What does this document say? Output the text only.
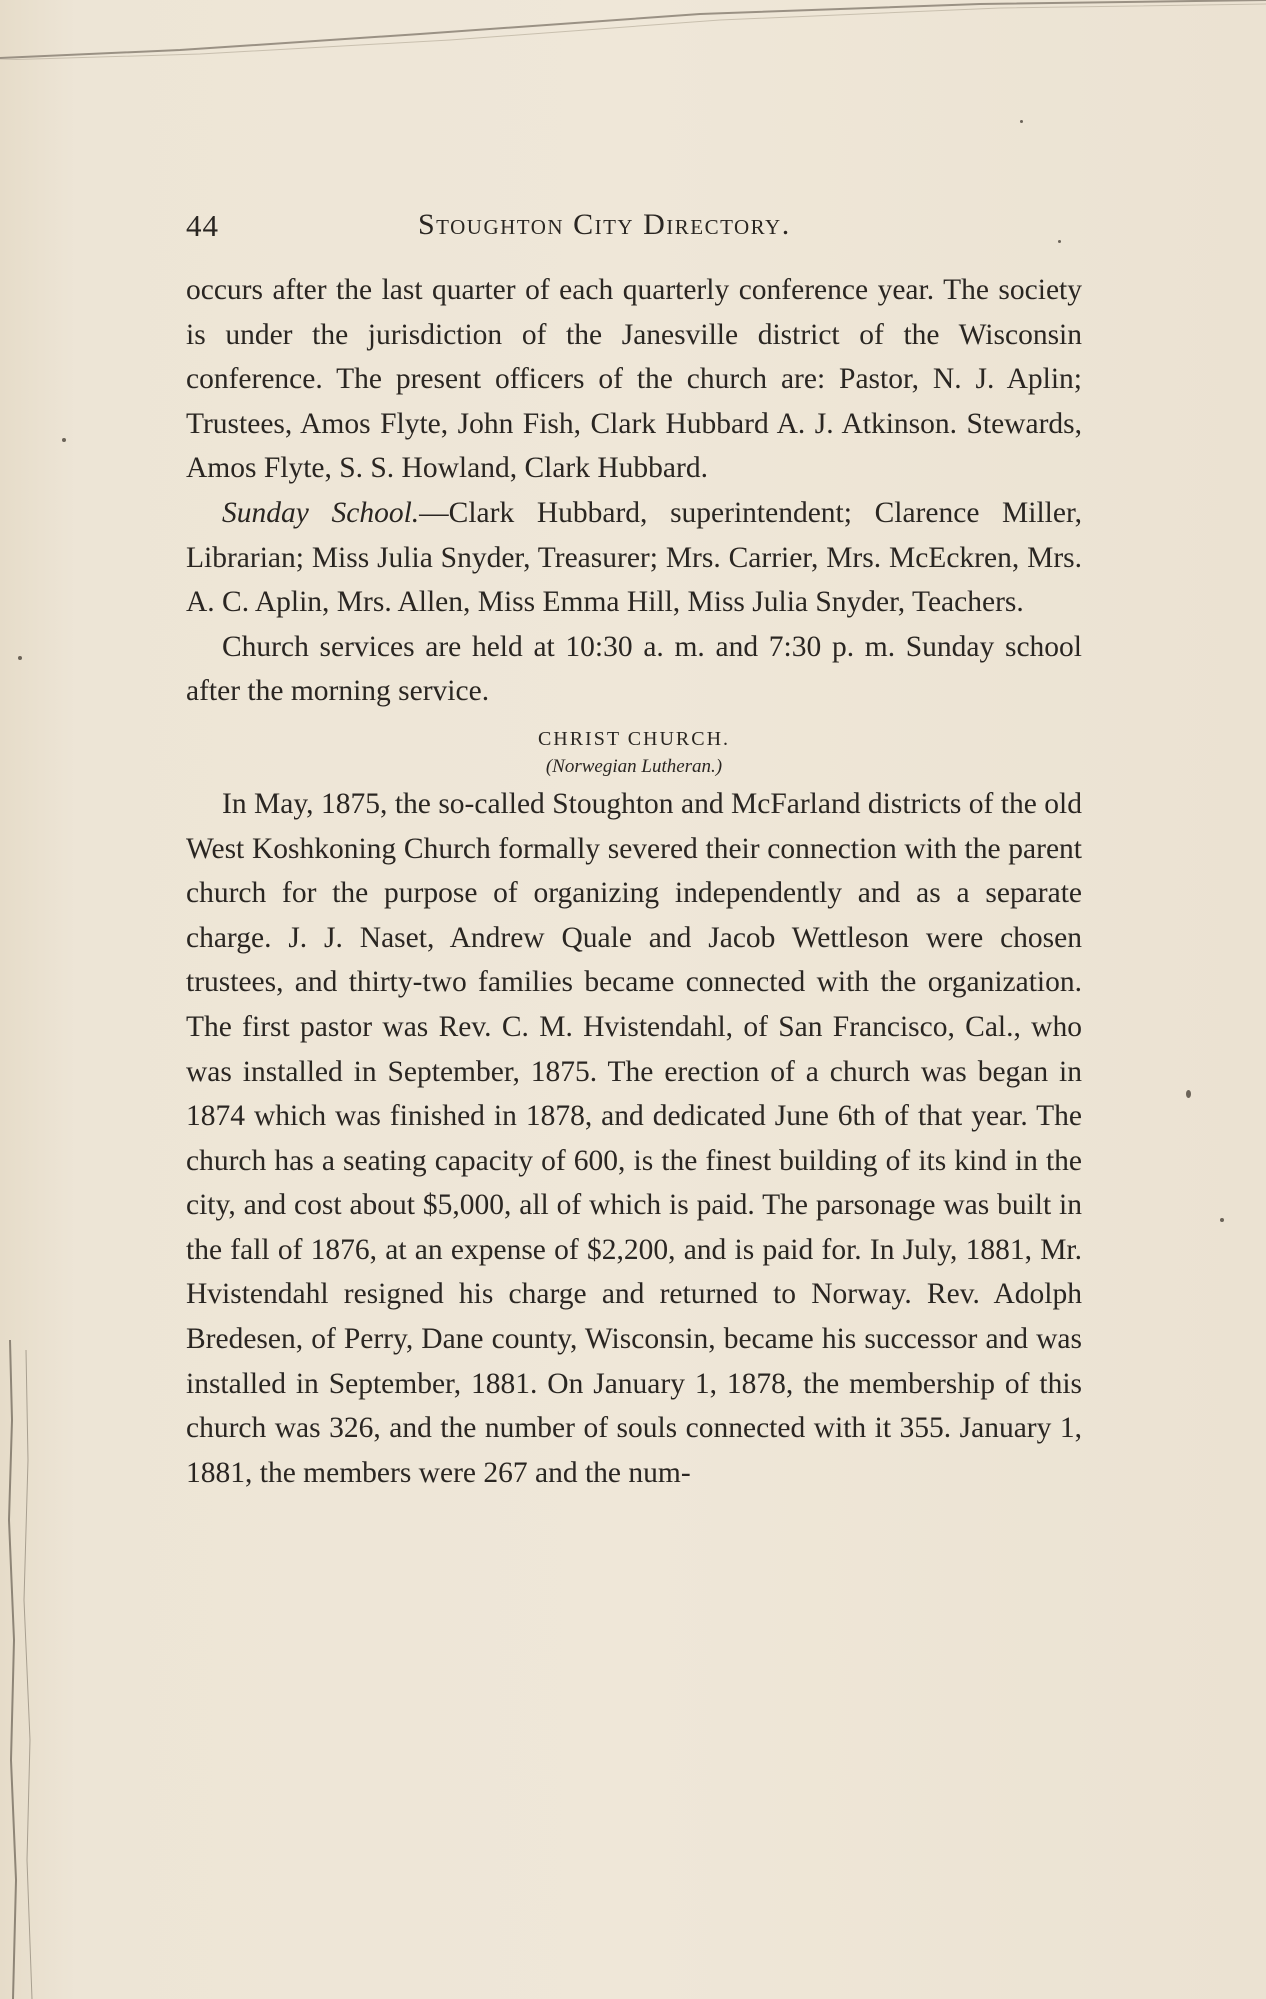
44	Stoughton City Directory.

occurs after the last quarter of each quarterly conference year. The society is under the jurisdiction of the Janesville district of the Wisconsin conference. The present officers of the church are: Pastor, N. J. Aplin; Trustees, Amos Flyte, John Fish, Clark Hubbard A. J. Atkinson. Stewards, Amos Flyte, S. S. Howland, Clark Hubbard.

Sunday School.—Clark Hubbard, superintendent; Clarence Miller, Librarian; Miss Julia Snyder, Treasurer; Mrs. Carrier, Mrs. McEckren, Mrs. A. C. Aplin, Mrs. Allen, Miss Emma Hill, Miss Julia Snyder, Teachers.

Church services are held at 10:30 a. m. and 7:30 p. m. Sunday school after the morning service.

CHRIST CHURCH.
(Norwegian Lutheran.)

In May, 1875, the so-called Stoughton and McFarland districts of the old West Koshkoning Church formally severed their connection with the parent church for the purpose of organizing independently and as a separate charge. J. J. Naset, Andrew Quale and Jacob Wettleson were chosen trustees, and thirty-two families became connected with the organization. The first pastor was Rev. C. M. Hvistendahl, of San Francisco, Cal., who was installed in September, 1875. The erection of a church was began in 1874 which was finished in 1878, and dedicated June 6th of that year. The church has a seating capacity of 600, is the finest building of its kind in the city, and cost about $5,000, all of which is paid. The parsonage was built in the fall of 1876, at an expense of $2,200, and is paid for. In July, 1881, Mr. Hvistendahl resigned his charge and returned to Norway. Rev. Adolph Bredesen, of Perry, Dane county, Wisconsin, became his successor and was installed in September, 1881. On January 1, 1878, the membership of this church was 326, and the number of souls connected with it 355. January 1, 1881, the members were 267 and the num-
